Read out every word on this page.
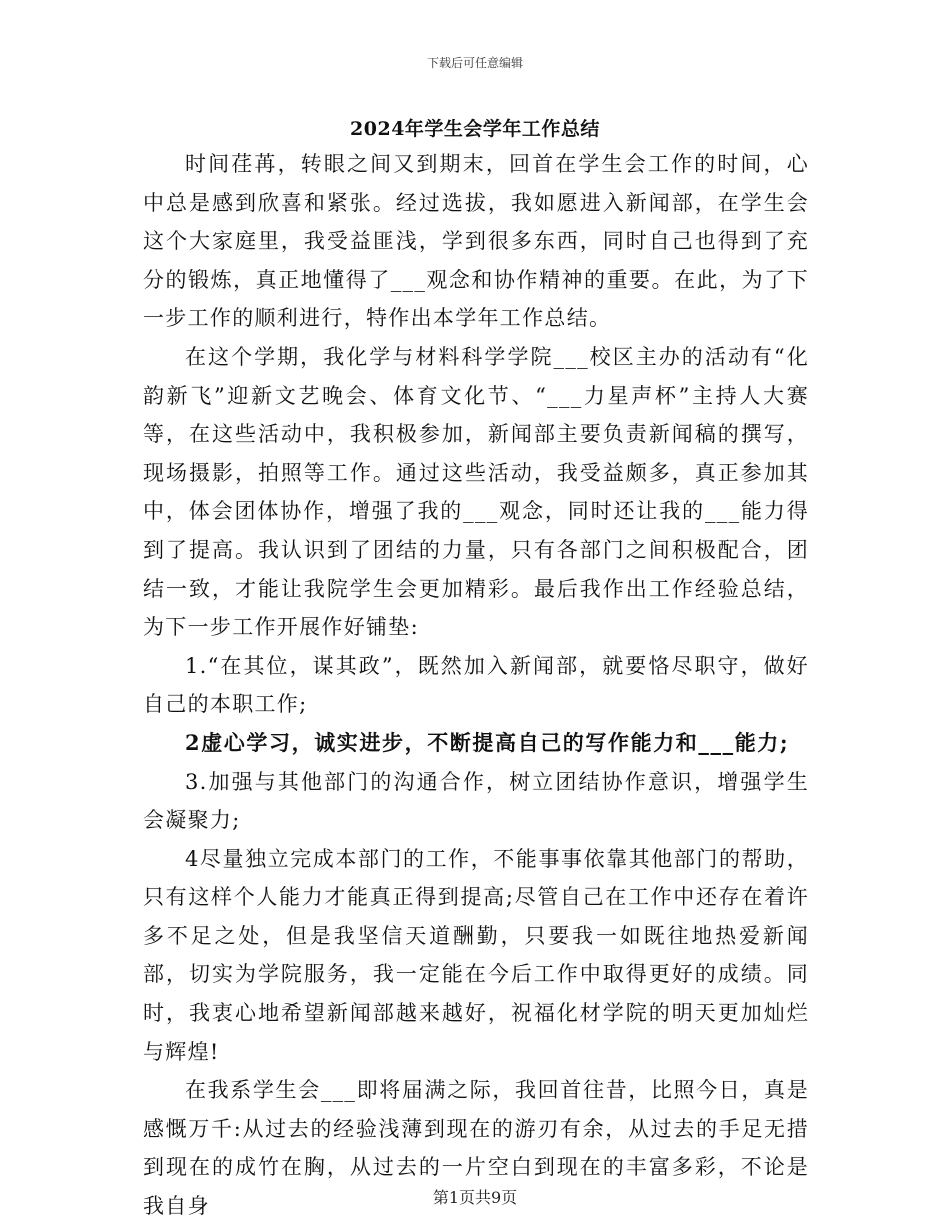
下载后可任意编辑
2024年学生会学年工作总结

时间荏苒，转眼之间又到期末，回首在学生会工作的时间，心中总是感到欣喜和紧张。经过选拔，我如愿进入新闻部，在学生会这个大家庭里，我受益匪浅，学到很多东西，同时自己也得到了充分的锻炼，真正地懂得了___观念和协作精神的重要。在此，为了下一步工作的顺利进行，特作出本学年工作总结。

在这个学期，我化学与材料科学学院___校区主办的活动有“化韵新飞”迎新文艺晚会、体育文化节、“___力星声杯”主持人大赛等，在这些活动中，我积极参加，新闻部主要负责新闻稿的撰写，现场摄影，拍照等工作。通过这些活动，我受益颇多，真正参加其中，体会团体协作，增强了我的___观念，同时还让我的___能力得到了提高。我认识到了团结的力量，只有各部门之间积极配合，团结一致，才能让我院学生会更加精彩。最后我作出工作经验总结，为下一步工作开展作好铺垫:

1.“在其位，谋其政”，既然加入新闻部，就要恪尽职守，做好自己的本职工作;

2虚心学习，诚实进步，不断提高自己的写作能力和___能力;

3.加强与其他部门的沟通合作，树立团结协作意识，增强学生会凝聚力;

4尽量独立完成本部门的工作，不能事事依靠其他部门的帮助，只有这样个人能力才能真正得到提高;尽管自己在工作中还存在着许多不足之处，但是我坚信天道酬勤，只要我一如既往地热爱新闻部，切实为学院服务，我一定能在今后工作中取得更好的成绩。同时，我衷心地希望新闻部越来越好，祝福化材学院的明天更加灿烂与辉煌!

在我系学生会___即将届满之际，我回首往昔，比照今日，真是感慨万千:从过去的经验浅薄到现在的游刃有余，从过去的手足无措到现在的成竹在胸，从过去的一片空白到现在的丰富多彩，不论是我自身	第1页共9页
